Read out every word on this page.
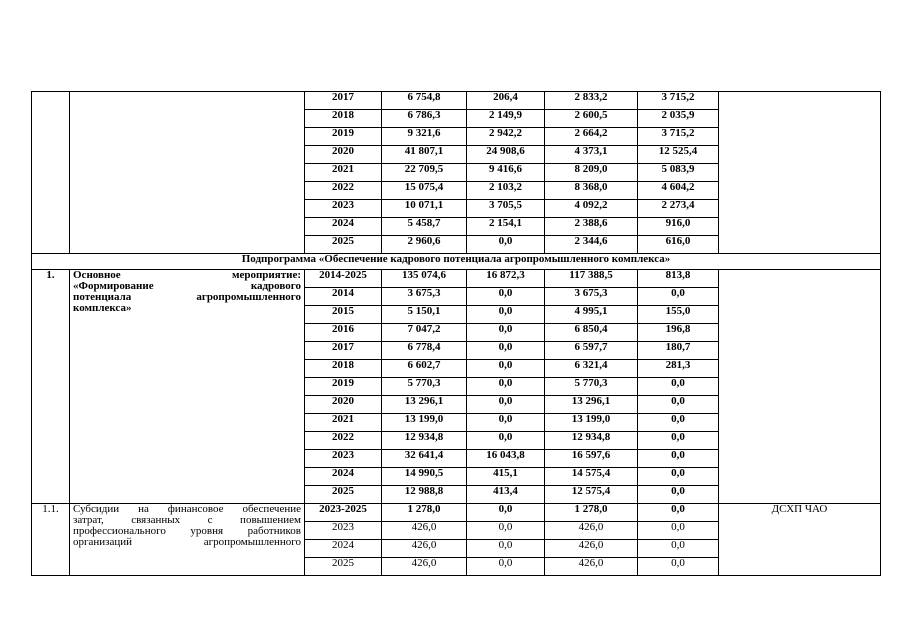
		2017	6 754,8	206,4	2 833,2	3 715,2	
		2018	6 786,3	2 149,9	2 600,5	2 035,9	
		2019	9 321,6	2 942,2	2 664,2	3 715,2	
		2020	41 807,1	24 908,6	4 373,1	12 525,4	
		2021	22 709,5	9 416,6	8 209,0	5 083,9	
		2022	15 075,4	2 103,2	8 368,0	4 604,2	
		2023	10 071,1	3 705,5	4 092,2	2 273,4	
		2024	5 458,7	2 154,1	2 388,6	916,0	
		2025	2 960,6	0,0	2 344,6	616,0	
Подпрограмма «Обеспечение кадрового потенциала агропромышленного комплекса»							
1.	Основное мероприятие:
«Формирование кадрового
потенциала агропромышленного
комплекса»	2014-2025	135 074,6	16 872,3	117 388,5	813,8	
		2014	3 675,3	0,0	3 675,3	0,0	
		2015	5 150,1	0,0	4 995,1	155,0	
		2016	7 047,2	0,0	6 850,4	196,8	
		2017	6 778,4	0,0	6 597,7	180,7	
		2018	6 602,7	0,0	6 321,4	281,3	
		2019	5 770,3	0,0	5 770,3	0,0	
		2020	13 296,1	0,0	13 296,1	0,0	
		2021	13 199,0	0,0	13 199,0	0,0	
		2022	12 934,8	0,0	12 934,8	0,0	
		2023	32 641,4	16 043,8	16 597,6	0,0	
		2024	14 990,5	415,1	14 575,4	0,0	
		2025	12 988,8	413,4	12 575,4	0,0	
1.1.	Субсидии на финансовое обеспечение
затрат, связанных с повышением
профессионального уровня работников
организаций агропромышленного	2023-2025	1 278,0	0,0	1 278,0	0,0	ДСХП ЧАО
		2023	426,0	0,0	426,0	0,0	
		2024	426,0	0,0	426,0	0,0	
		2025	426,0	0,0	426,0	0,0	
